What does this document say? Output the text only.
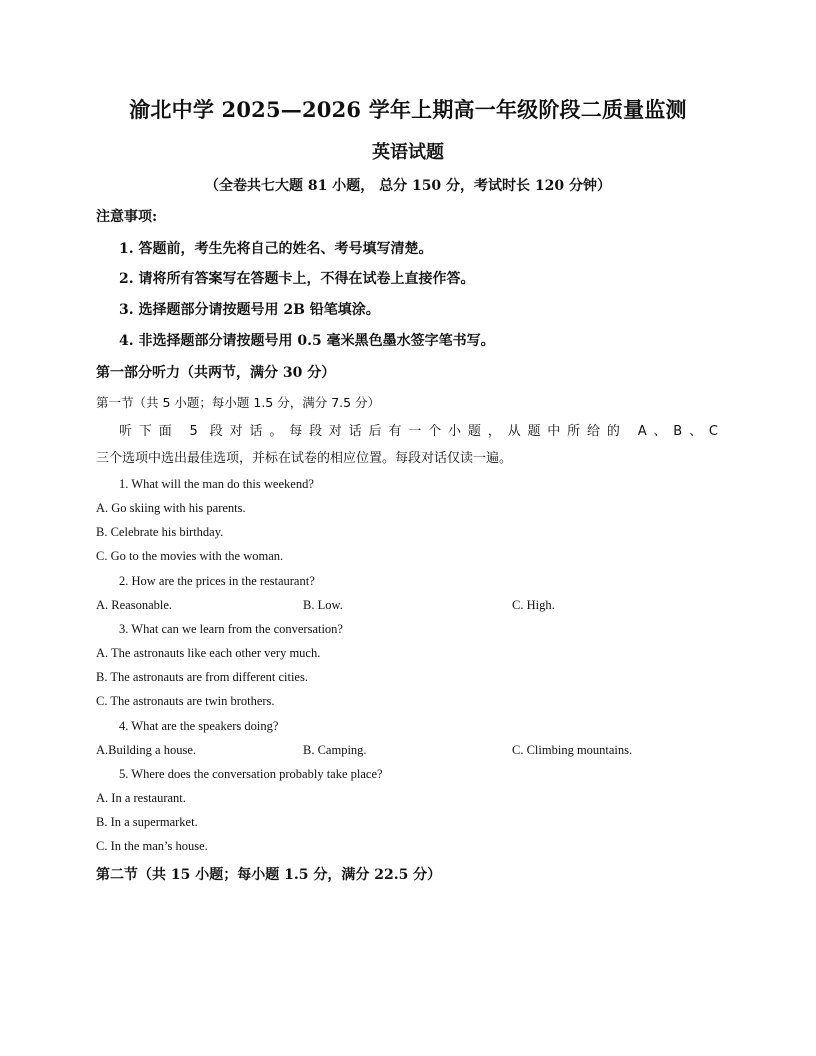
渝北中学 2025—2026 学年上期高一年级阶段二质量监测
英语试题
（全卷共七大题 81 小题， 总分 150 分，考试时长 120 分钟）
注意事项:
1. 答题前，考生先将自己的姓名、考号填写清楚。
2. 请将所有答案写在答题卡上，不得在试卷上直接作答。
3. 选择题部分请按题号用 2B 铅笔填涂。
4. 非选择题部分请按题号用 0.5 毫米黑色墨水签字笔书写。
第一部分听力（共两节，满分 30 分）
第一节（共 5 小题；每小题 1.5 分，满分 7.5 分）
听下面 5 段对话。每段对话后有一个小题，从题中所给的 A、B、C
三个选项中选出最佳选项，并标在试卷的相应位置。每段对话仅读一遍。
1. What will the man do this weekend?
A. Go skiing with his parents.
B. Celebrate his birthday.
C. Go to the movies with the woman.
2. How are the prices in the restaurant?
A. Reasonable.	B. Low.	C. High.
3. What can we learn from the conversation?
A. The astronauts like each other very much.
B. The astronauts are from different cities.
C. The astronauts are twin brothers.
4. What are the speakers doing?
A.Building a house.	B. Camping.	C. Climbing mountains.
5. Where does the conversation probably take place?
A. In a restaurant.
B. In a supermarket.
C. In the man’s house.
第二节（共 15 小题；每小题 1.5 分，满分 22.5 分）
